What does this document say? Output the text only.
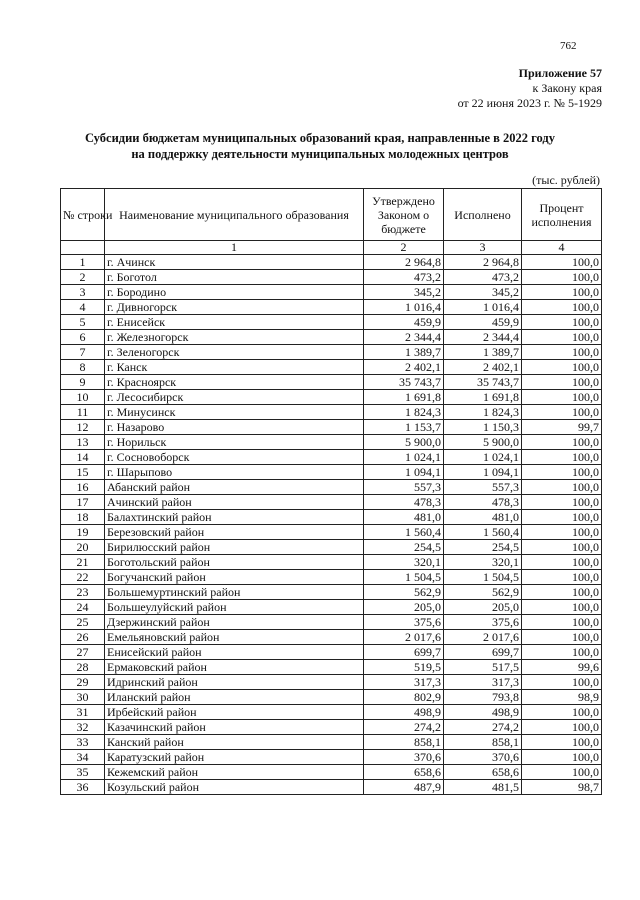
762
Приложение 57
к Закону края
от 22 июня 2023 г. № 5-1929
Субсидии бюджетам муниципальных образований края, направленные в 2022 году
на поддержку деятельности муниципальных молодежных центров
(тыс. рублей)
№ строки	Наименование муниципального образования	Утверждено Законом о бюджете	Исполнено	Процент исполнения
	1	2	3	4
1	г. Ачинск	2 964,8	2 964,8	100,0
2	г. Боготол	473,2	473,2	100,0
3	г. Бородино	345,2	345,2	100,0
4	г. Дивногорск	1 016,4	1 016,4	100,0
5	г. Енисейск	459,9	459,9	100,0
6	г. Железногорск	2 344,4	2 344,4	100,0
7	г. Зеленогорск	1 389,7	1 389,7	100,0
8	г. Канск	2 402,1	2 402,1	100,0
9	г. Красноярск	35 743,7	35 743,7	100,0
10	г. Лесосибирск	1 691,8	1 691,8	100,0
11	г. Минусинск	1 824,3	1 824,3	100,0
12	г. Назарово	1 153,7	1 150,3	99,7
13	г. Норильск	5 900,0	5 900,0	100,0
14	г. Сосновоборск	1 024,1	1 024,1	100,0
15	г. Шарыпово	1 094,1	1 094,1	100,0
16	Абанский район	557,3	557,3	100,0
17	Ачинский район	478,3	478,3	100,0
18	Балахтинский район	481,0	481,0	100,0
19	Березовский район	1 560,4	1 560,4	100,0
20	Бирилюсский район	254,5	254,5	100,0
21	Боготольский район	320,1	320,1	100,0
22	Богучанский район	1 504,5	1 504,5	100,0
23	Большемуртинский район	562,9	562,9	100,0
24	Большеулуйский район	205,0	205,0	100,0
25	Дзержинский район	375,6	375,6	100,0
26	Емельяновский район	2 017,6	2 017,6	100,0
27	Енисейский район	699,7	699,7	100,0
28	Ермаковский район	519,5	517,5	99,6
29	Идринский район	317,3	317,3	100,0
30	Иланский район	802,9	793,8	98,9
31	Ирбейский район	498,9	498,9	100,0
32	Казачинский район	274,2	274,2	100,0
33	Канский район	858,1	858,1	100,0
34	Каратузский район	370,6	370,6	100,0
35	Кежемский район	658,6	658,6	100,0
36	Козульский район	487,9	481,5	98,7
